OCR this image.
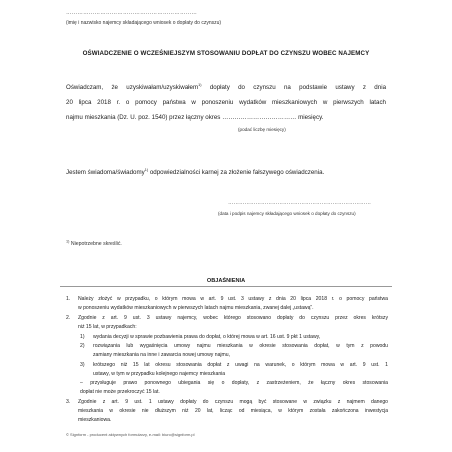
……………………………………………………………
(imię i nazwisko najemcy składającego wniosek o dopłaty do czynszu)
OŚWIADCZENIE O WCZEŚNIEJSZYM STOSOWANIU DOPŁAT DO CZYNSZU WOBEC NAJEMCY
Oświadczam, że uzyskiwałam/uzyskiwałem$^{1)}$ dopłaty do czynszu na podstawie ustawy z dnia
20 lipca 2018 r. o pomocy państwa w ponoszeniu wydatków mieszkaniowych w pierwszych latach
najmu mieszkania (Dz. U. poz. 1540) przez łączny okres ……………………………… miesięcy.
(podać liczbę miesięcy)
Jestem świadoma/świadomy$^{1)}$ odpowiedzialności karnej za złożenie fałszywego oświadczenia.
……………………………………………………………………
(data i podpis najemcy składającego wniosek o dopłaty do czynszu)
$^{1)}$ Niepotrzebne skreślić.
OBJAŚNIENIA
1. Należy złożyć w przypadku, o którym mowa w art. 9 ust. 3 ustawy z dnia 20 lipca 2018 r. o pomocy państwa
w ponoszeniu wydatków mieszkaniowych w pierwszych latach najmu mieszkania, zwanej dalej „ustawą”.
2. Zgodnie z art. 9 ust. 3 ustawy najemcy, wobec którego stosowano dopłaty do czynszu przez okres krótszy
niż 15 lat, w przypadkach:
1) wydania decyzji w sprawie pozbawienia prawa do dopłat, o której mowa w art. 16 ust. 9 pkt 1 ustawy,
2) rozwiązania lub wygaśnięcia umowy najmu mieszkania w okresie stosowania dopłat, w tym z powodu
zamiany mieszkania na inne i zawarcia nowej umowy najmu,
3) krótszego niż 15 lat okresu stosowania dopłat z uwagi na warunek, o którym mowa w art. 9 ust. 1
ustawy, w tym w przypadku kolejnego najemcy mieszkania
– przysługuje prawo ponownego ubiegania się o dopłaty, z zastrzeżeniem, że łączny okres stosowania
dopłat nie może przekroczyć 15 lat.
3. Zgodnie z art. 9 ust. 1 ustawy dopłaty do czynszu mogą być stosowane w związku z najmem danego
mieszkania w okresie nie dłuższym niż 20 lat, licząc od miesiąca, w którym została zakończona inwestycja
mieszkaniowa.
© Signform - producent aktywnych formularzy, e-mail: biuro@signform.pl
